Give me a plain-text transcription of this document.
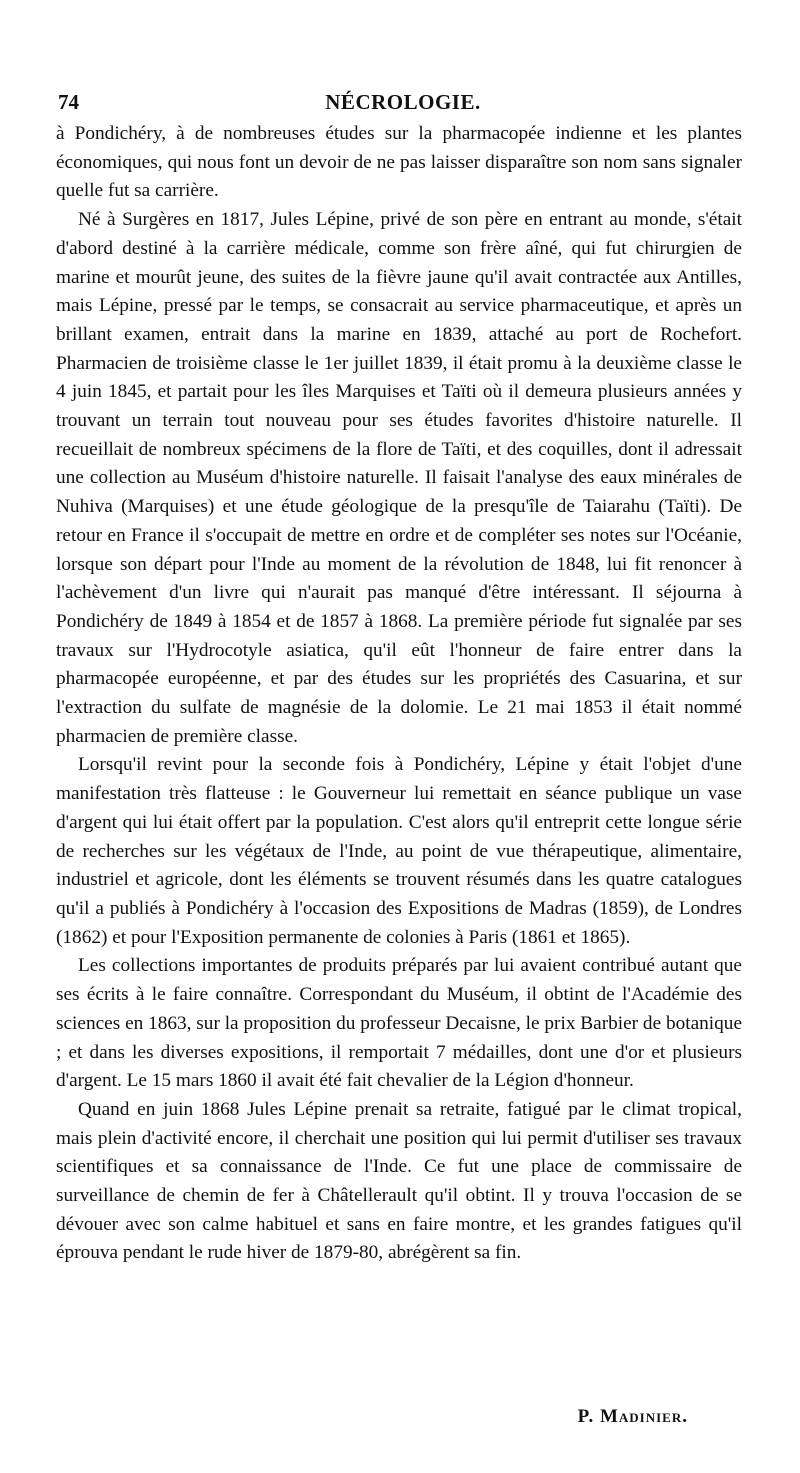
74	NÉCROLOGIE.

à Pondichéry, à de nombreuses études sur la pharmacopée indienne et les plantes économiques, qui nous font un devoir de ne pas laisser disparaître son nom sans signaler quelle fut sa carrière.

Né à Surgères en 1817, Jules Lépine, privé de son père en entrant au monde, s'était d'abord destiné à la carrière médicale, comme son frère aîné, qui fut chirurgien de marine et mourût jeune, des suites de la fièvre jaune qu'il avait contractée aux Antilles, mais Lépine, pressé par le temps, se consacrait au service pharmaceutique, et après un brillant examen, entrait dans la marine en 1839, attaché au port de Rochefort. Pharmacien de troisième classe le 1er juillet 1839, il était promu à la deuxième classe le 4 juin 1845, et partait pour les îles Marquises et Taïti où il demeura plusieurs années y trouvant un terrain tout nouveau pour ses études favorites d'histoire naturelle. Il recueillait de nombreux spécimens de la flore de Taïti, et des coquilles, dont il adressait une collection au Muséum d'histoire naturelle. Il faisait l'analyse des eaux minérales de Nuhiva (Marquises) et une étude géologique de la presqu'île de Taiarahu (Taïti). De retour en France il s'occupait de mettre en ordre et de compléter ses notes sur l'Océanie, lorsque son départ pour l'Inde au moment de la révolution de 1848, lui fit renoncer à l'achèvement d'un livre qui n'aurait pas manqué d'être intéressant. Il séjourna à Pondichéry de 1849 à 1854 et de 1857 à 1868. La première période fut signalée par ses travaux sur l'Hydrocotyle asiatica, qu'il eût l'honneur de faire entrer dans la pharmacopée européenne, et par des études sur les propriétés des Casuarina, et sur l'extraction du sulfate de magnésie de la dolomie. Le 21 mai 1853 il était nommé pharmacien de première classe.

Lorsqu'il revint pour la seconde fois à Pondichéry, Lépine y était l'objet d'une manifestation très flatteuse : le Gouverneur lui remettait en séance publique un vase d'argent qui lui était offert par la population. C'est alors qu'il entreprit cette longue série de recherches sur les végétaux de l'Inde, au point de vue thérapeutique, alimentaire, industriel et agricole, dont les éléments se trouvent résumés dans les quatre catalogues qu'il a publiés à Pondichéry à l'occasion des Expositions de Madras (1859), de Londres (1862) et pour l'Exposition permanente de colonies à Paris (1861 et 1865).

Les collections importantes de produits préparés par lui avaient contribué autant que ses écrits à le faire connaître. Correspondant du Muséum, il obtint de l'Académie des sciences en 1863, sur la proposition du professeur Decaisne, le prix Barbier de botanique ; et dans les diverses expositions, il remportait 7 médailles, dont une d'or et plusieurs d'argent. Le 15 mars 1860 il avait été fait chevalier de la Légion d'honneur.

Quand en juin 1868 Jules Lépine prenait sa retraite, fatigué par le climat tropical, mais plein d'activité encore, il cherchait une position qui lui permit d'utiliser ses travaux scientifiques et sa connaissance de l'Inde. Ce fut une place de commissaire de surveillance de chemin de fer à Châtellerault qu'il obtint. Il y trouva l'occasion de se dévouer avec son calme habituel et sans en faire montre, et les grandes fatigues qu'il éprouva pendant le rude hiver de 1879-80, abrégèrent sa fin.

P. Madinier.
